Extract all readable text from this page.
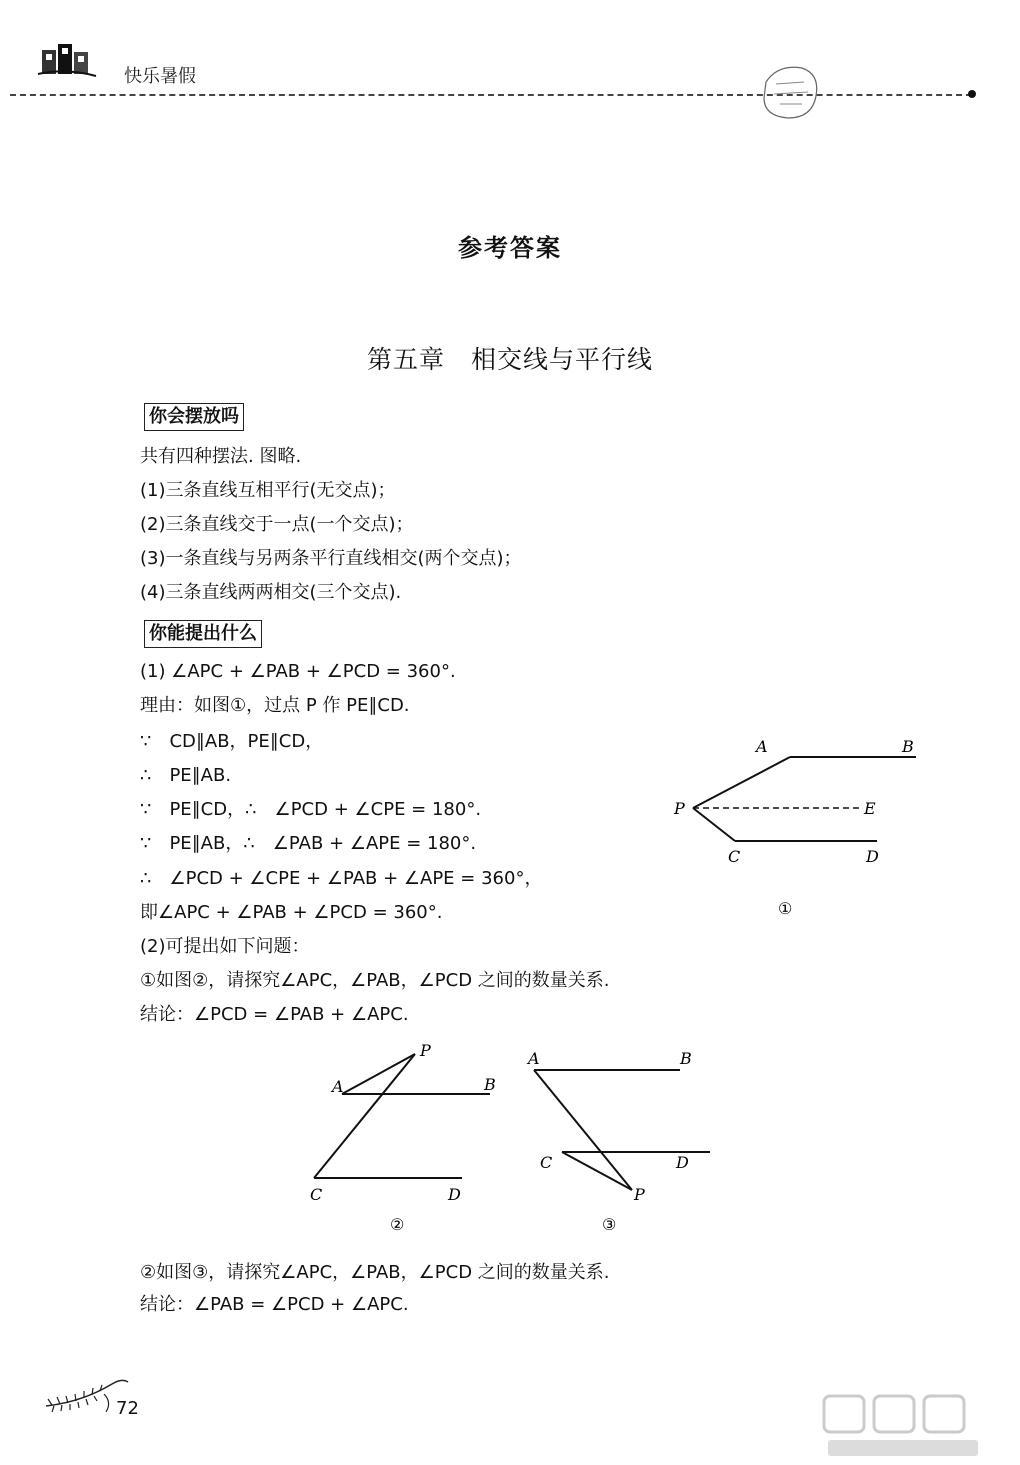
快乐暑假
参考答案
第五章　相交线与平行线
你会摆放吗
共有四种摆法. 图略.
(1)三条直线互相平行(无交点)；
(2)三条直线交于一点(一个交点)；
(3)一条直线与另两条平行直线相交(两个交点)；
(4)三条直线两两相交(三个交点).
你能提出什么
(1) ∠APC + ∠PAB + ∠PCD = 360°.
理由：如图①，过点 P 作 PE∥CD.
∵　CD∥AB，PE∥CD，
∴　PE∥AB.
∵　PE∥CD，∴　∠PCD + ∠CPE = 180°.
∵　PE∥AB，∴　∠PAB + ∠APE = 180°.
∴　∠PCD + ∠CPE + ∠PAB + ∠APE = 360°，
即∠APC + ∠PAB + ∠PCD = 360°.
(2)可提出如下问题：
①如图②，请探究∠APC，∠PAB，∠PCD 之间的数量关系.
结论：∠PCD = ∠PAB + ∠APC.
②如图③，请探究∠APC，∠PAB，∠PCD 之间的数量关系.
结论：∠PAB = ∠PCD + ∠APC.
A	B
P	E
C	D
①
P
A	B
C	D
②
A	B
C	D
P
③
72
